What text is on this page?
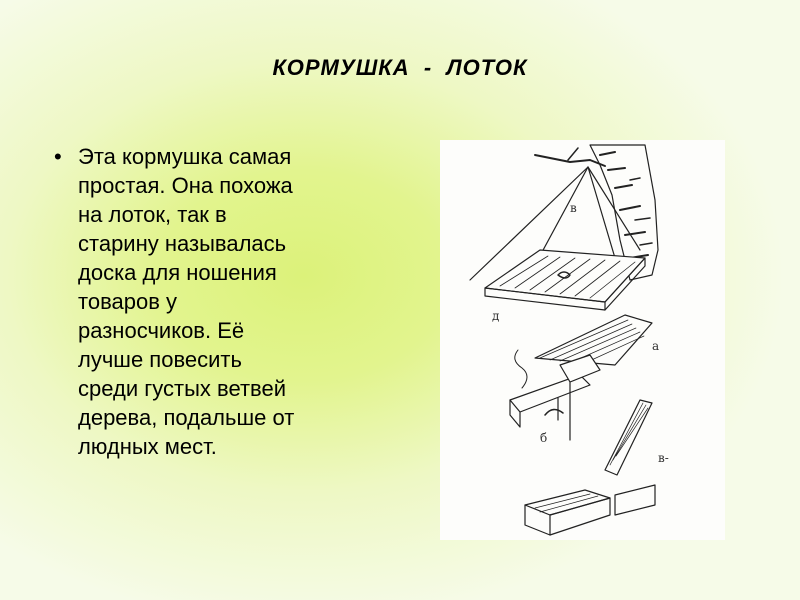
КОРМУШКА  -  ЛОТОК
• Эта кормушка самая
простая. Она похожа
на лоток, так в
старину называлась
доска для ношения
товаров у
разносчиков. Её
лучше повесить
среди густых ветвей
дерева, подальше от
людных мест.
в
д
а
б
в-
